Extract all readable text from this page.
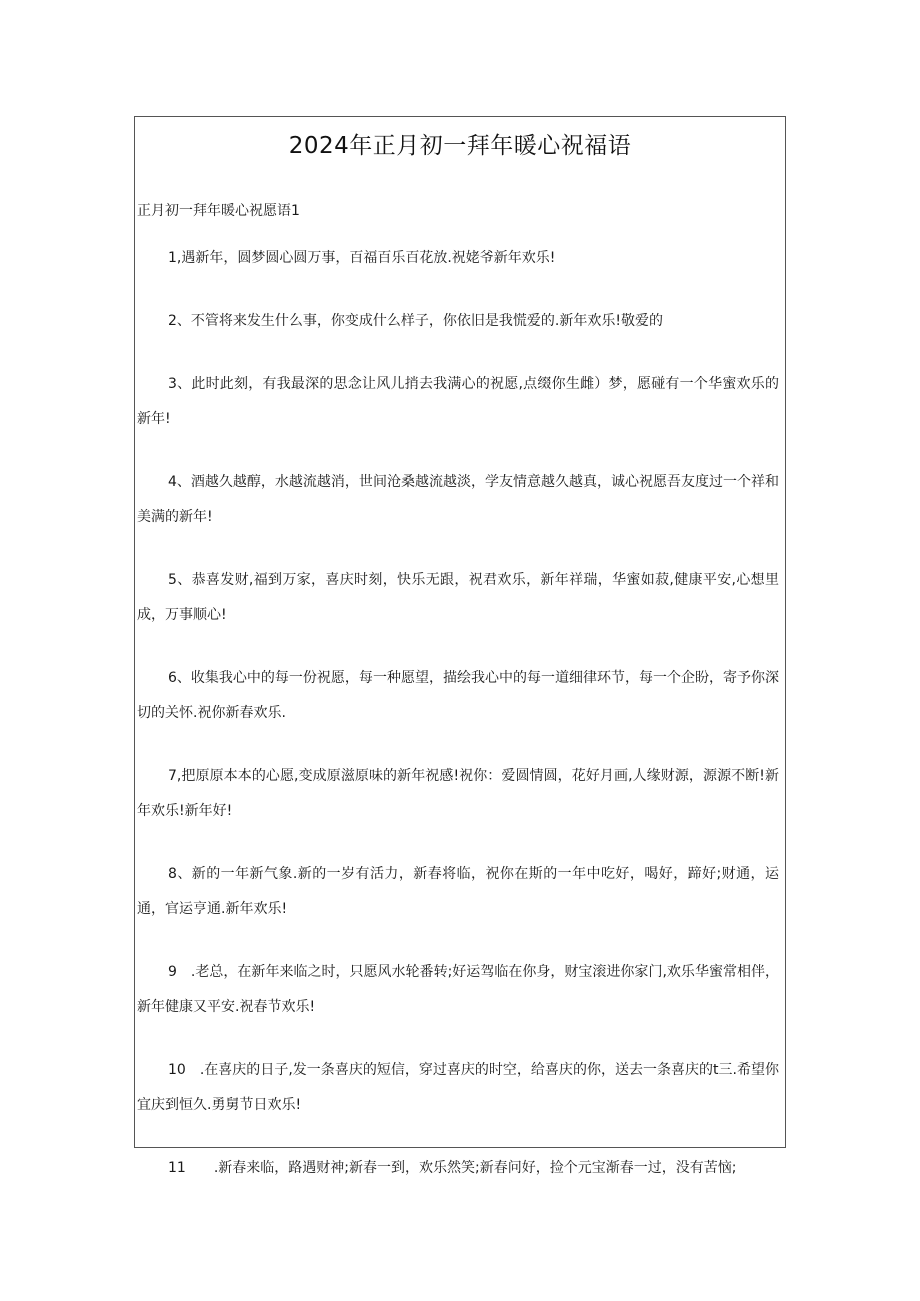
2024年正月初一拜年暖心祝福语

正月初一拜年暖心祝愿语1

1,遇新年，圆梦圆心圆万事，百福百乐百花放.祝姥爷新年欢乐!

2、不管将来发生什么事，你变成什么样子，你依旧是我慌爱的.新年欢乐!敬爱的

3、此时此刻，有我最深的思念让风儿捎去我满心的祝愿,点缀你生雌）梦，愿碰有一个华蜜欢乐的新年!

4、酒越久越醇，水越流越消，世间沧桑越流越淡，学友情意越久越真，诚心祝愿吾友度过一个祥和美满的新年!

5、恭喜发财,福到万家，喜庆时刻，快乐无跟，祝君欢乐，新年祥瑞，华蜜如菽,健康平安,心想里成，万事顺心!

6、收集我心中的每一份祝愿，每一种愿望，描绘我心中的每一道细律环节，每一个企盼，寄予你深切的关怀.祝你新春欢乐.

7,把原原本本的心愿,变成原滋原味的新年祝感!祝你：爱圆情圆，花好月画,人缘财源，源源不断!新年欢乐!新年好!

8、新的一年新气象.新的一岁有活力，新春将临，祝你在斯的一年中吃好，喝好，蹄好;财通，运通，官运亨通.新年欢乐!

9　.老总，在新年来临之时，只愿风水轮番转;好运驾临在你身，财宝滚进你家门,欢乐华蜜常相伴，新年健康又平安.祝春节欢乐!

10　.在喜庆的日子,发一条喜庆的短信，穿过喜庆的时空，给喜庆的你，送去一条喜庆的t三.希望你宜庆到恒久.勇舅节日欢乐!

11　　.新春来临，路遇财神;新春一到，欢乐然笑;新春问好，捡个元宝渐春一过，没有苦恼;
